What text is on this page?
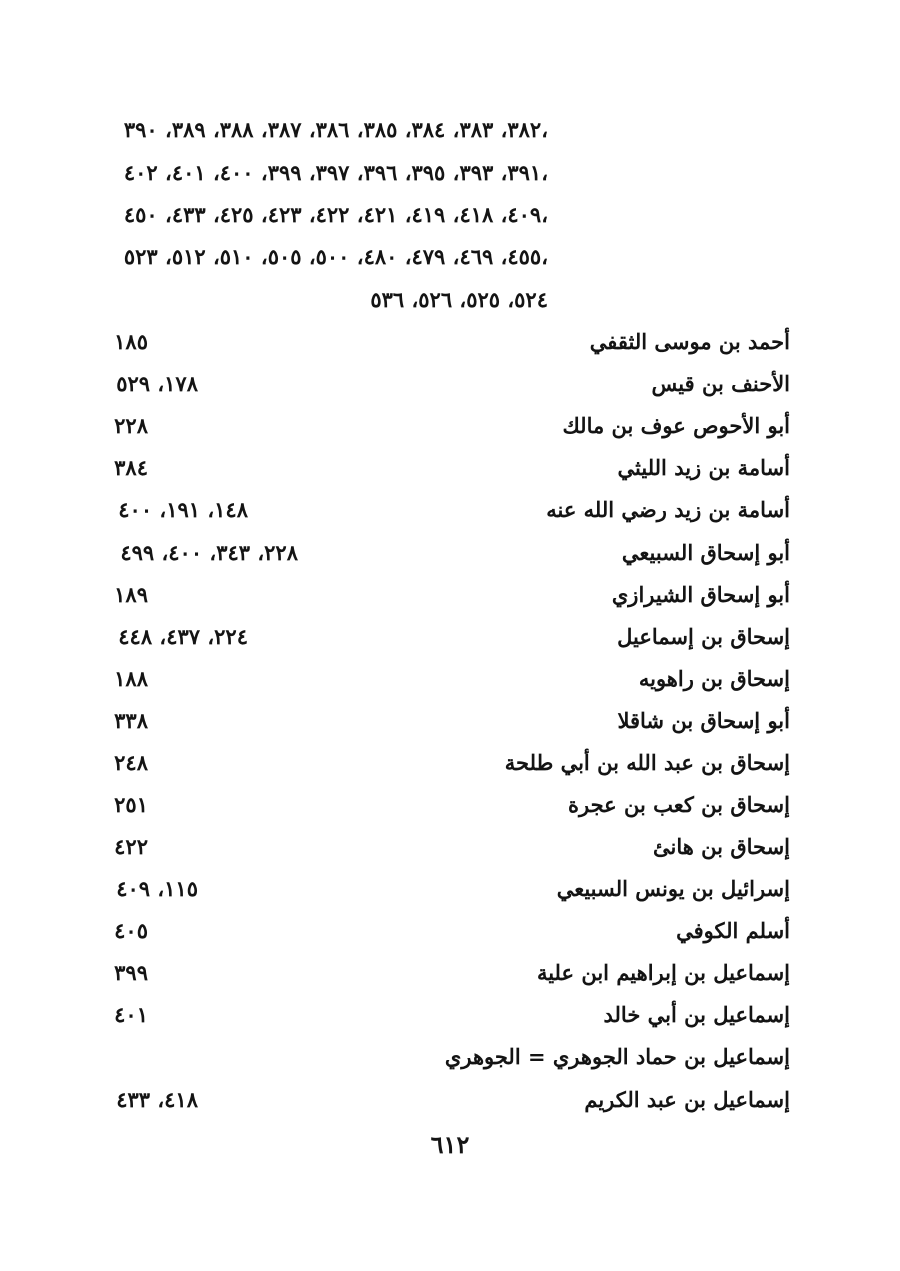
٣٨٢، ٣٨٣، ٣٨٤، ٣٨٥، ٣٨٦، ٣٨٧، ٣٨٨، ٣٨٩، ٣٩٠،
٣٩١، ٣٩٣، ٣٩٥، ٣٩٦، ٣٩٧، ٣٩٩، ٤٠٠، ٤٠١، ٤٠٢،
٤٠٩، ٤١٨، ٤١٩، ٤٢١، ٤٢٢، ٤٢٣، ٤٢٥، ٤٣٣، ٤٥٠،
٤٥٥، ٤٦٩، ٤٧٩، ٤٨٠، ٥٠٠، ٥٠٥، ٥١٠، ٥١٢، ٥٢٣،
٥٢٤، ٥٢٥، ٥٢٦، ٥٣٦
أحمد بن موسى الثقفي
١٨٥
الأحنف بن قيس
١٧٨، ٥٢٩
أبو الأحوص عوف بن مالك
٢٢٨
أسامة بن زيد الليثي
٣٨٤
أسامة بن زيد رضي الله عنه
١٤٨، ١٩١، ٤٠٠
أبو إسحاق السبيعي
٢٢٨، ٣٤٣، ٤٠٠، ٤٩٩
أبو إسحاق الشيرازي
١٨٩
إسحاق بن إسماعيل
٢٢٤، ٤٣٧، ٤٤٨
إسحاق بن راهويه
١٨٨
أبو إسحاق بن شاقلا
٣٣٨
إسحاق بن عبد الله بن أبي طلحة
٢٤٨
إسحاق بن كعب بن عجرة
٢٥١
إسحاق بن هانئ
٤٢٢
إسرائيل بن يونس السبيعي
١١٥، ٤٠٩
أسلم الكوفي
٤٠٥
إسماعيل بن إبراهيم ابن علية
٣٩٩
إسماعيل بن أبي خالد
٤٠١
إسماعيل بن حماد الجوهري = الجوهري
إسماعيل بن عبد الكريم
٤١٨، ٤٣٣
٦١٢
